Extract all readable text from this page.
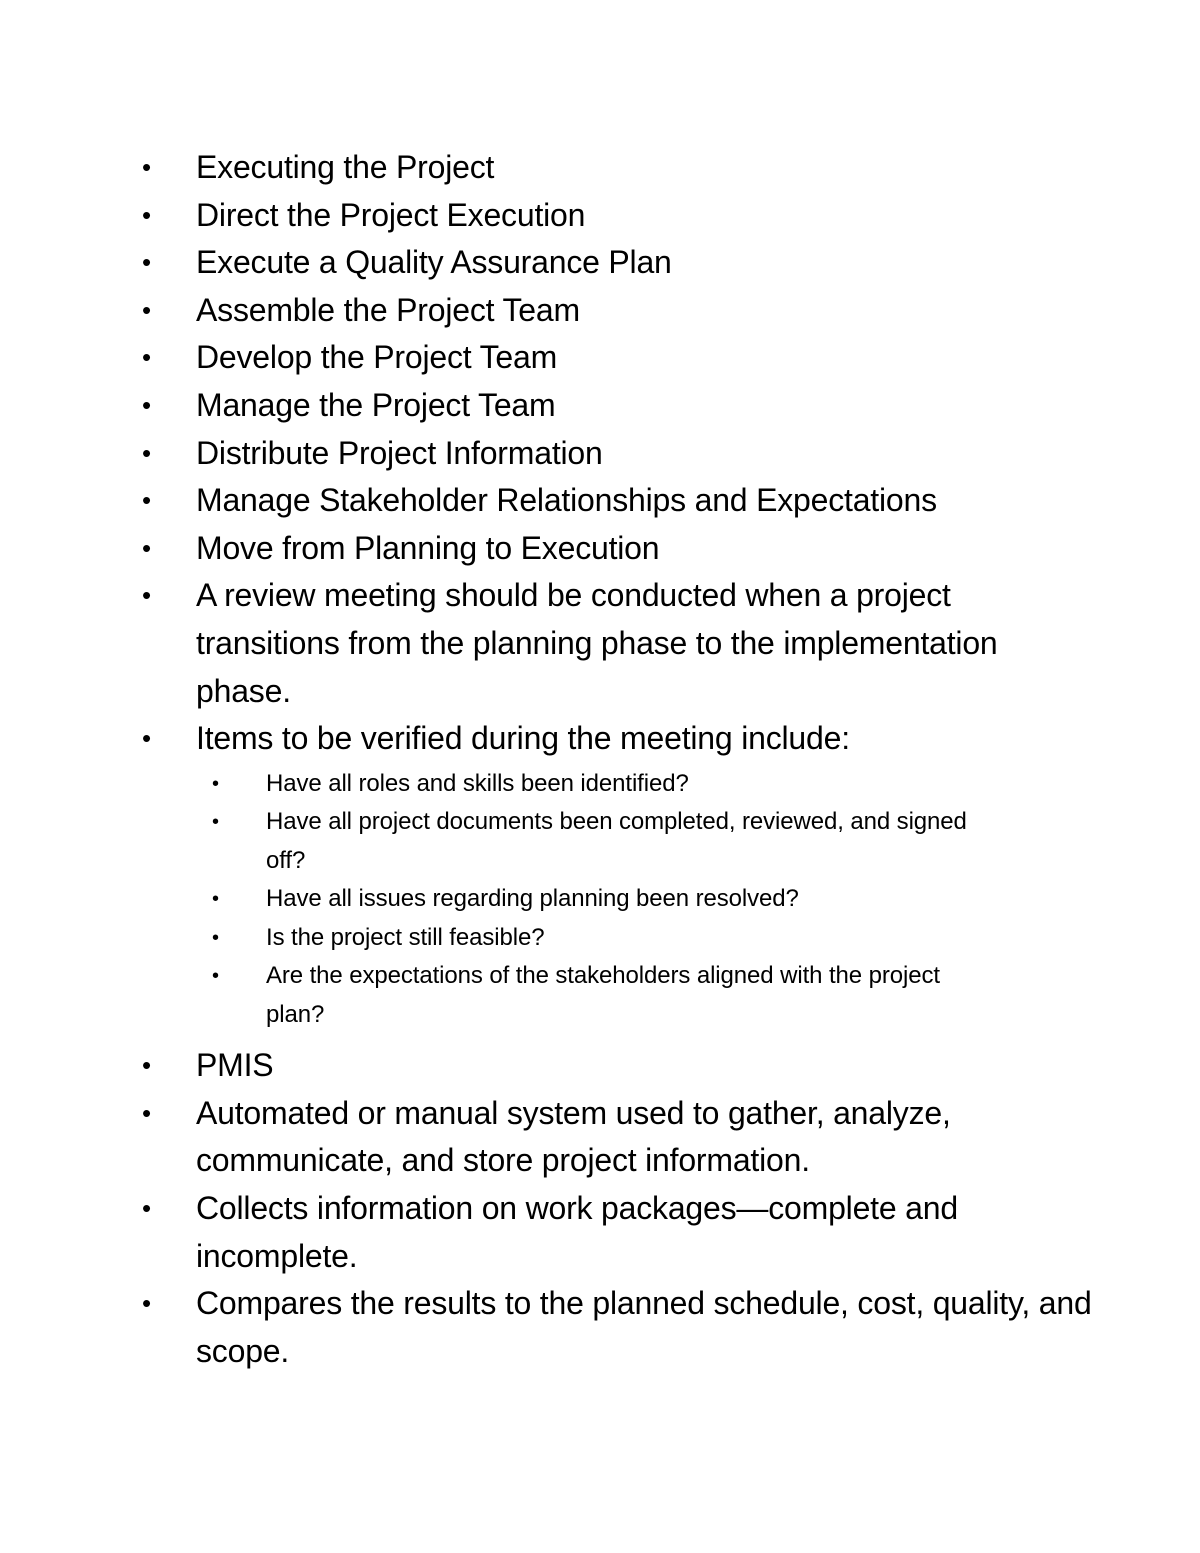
•	Executing the Project
•	Direct the Project Execution
•	Execute a Quality Assurance Plan
•	Assemble the Project Team
•	Develop the Project Team
•	Manage the Project Team
•	Distribute Project Information
•	Manage Stakeholder Relationships and Expectations
•	Move from Planning to Execution
•	A review meeting should be conducted when a project transitions from the planning phase to the implementation phase.
•	Items to be verified during the meeting include:
•	Have all roles and skills been identified?
•	Have all project documents been completed, reviewed, and signed off?
•	Have all issues regarding planning been resolved?
•	Is the project still feasible?
•	Are the expectations of the stakeholders aligned with the project plan?
•	PMIS
•	Automated or manual system used to gather, analyze, communicate, and store project information.
•	Collects information on work packages—complete and incomplete.
•	Compares the results to the planned schedule, cost, quality, and scope.
